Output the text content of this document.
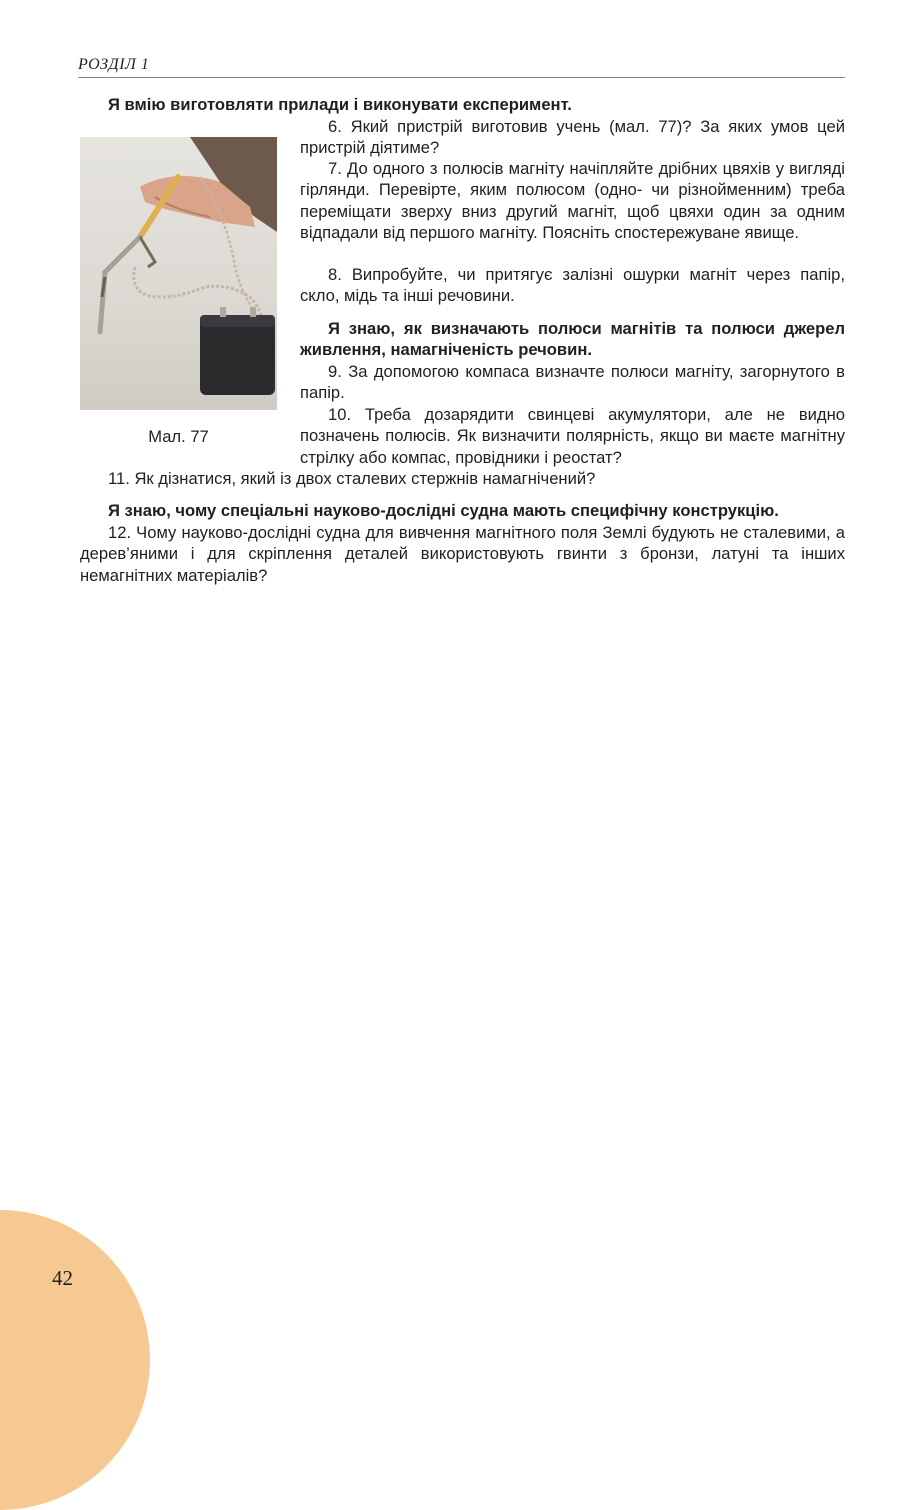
РОЗДІЛ 1

Я вмію виготовляти прилади і виконувати експеримент.

6. Який пристрій виготовив учень (мал. 77)? За яких умов цей пристрій діятиме?

7. До одного з полюсів магніту начіпляйте дрібних цвяхів у вигляді гірлянди. Перевірте, яким полюсом (одно- чи різнойменним) треба переміщати зверху вниз другий магніт, щоб цвяхи один за одним відпадали від першого магніту. Поясніть спостережуване явище.

8. Випробуйте, чи притягує залізні ошурки магніт через папір, скло, мідь та інші речовини.

Я знаю, як визначають полюси магнітів та полюси джерел живлення, намагніченість речовин.

9. За допомогою компаса визначте полюси магніту, загорнутого в папір.

10. Треба дозарядити свинцеві акумулятори, але не видно позначень полюсів. Як визначити полярність, якщо ви маєте магнітну стрілку або компас, провідники і реостат?

11. Як дізнатися, який із двох сталевих стержнів намагнічений?

Я знаю, чому спеціальні науково-дослідні судна мають специфічну конструкцію.

12. Чому науково-дослідні судна для вивчення магнітного поля Землі будують не сталевими, а дерев’яними і для скріплення деталей використовують гвинти з бронзи, латуні та інших немагнітних матеріалів?

Мал. 77
42
